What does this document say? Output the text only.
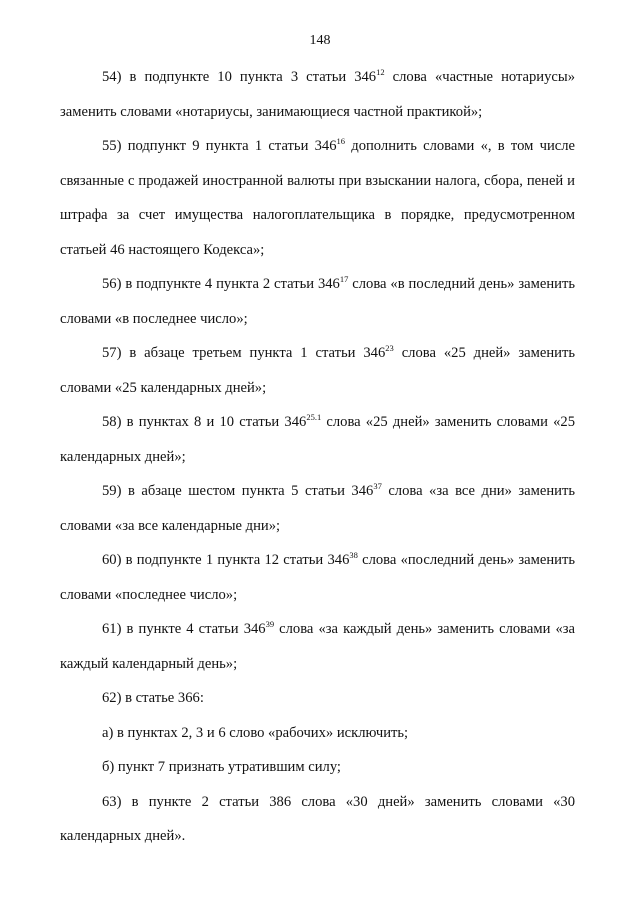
148

54) в подпункте 10 пункта 3 статьи $346^{12}$ слова «частные нотариусы» заменить словами «нотариусы, занимающиеся частной практикой»;

55) подпункт 9 пункта 1 статьи $346^{16}$ дополнить словами «, в том числе связанные с продажей иностранной валюты при взыскании налога, сбора, пеней и штрафа за счет имущества налогоплательщика в порядке, предусмотренном статьей 46 настоящего Кодекса»;

56) в подпункте 4 пункта 2 статьи $346^{17}$ слова «в последний день» заменить словами «в последнее число»;

57) в абзаце третьем пункта 1 статьи $346^{23}$ слова «25 дней» заменить словами «25 календарных дней»;

58) в пунктах 8 и 10 статьи $346^{25.1}$ слова «25 дней» заменить словами «25 календарных дней»;

59) в абзаце шестом пункта 5 статьи $346^{37}$ слова «за все дни» заменить словами «за все календарные дни»;

60) в подпункте 1 пункта 12 статьи $346^{38}$ слова «последний день» заменить словами «последнее число»;

61) в пункте 4 статьи $346^{39}$ слова «за каждый день» заменить словами «за каждый календарный день»;

62) в статье 366:

а) в пунктах 2, 3 и 6 слово «рабочих» исключить;

б) пункт 7 признать утратившим силу;

63) в пункте 2 статьи 386 слова «30 дней» заменить словами «30 календарных дней».
